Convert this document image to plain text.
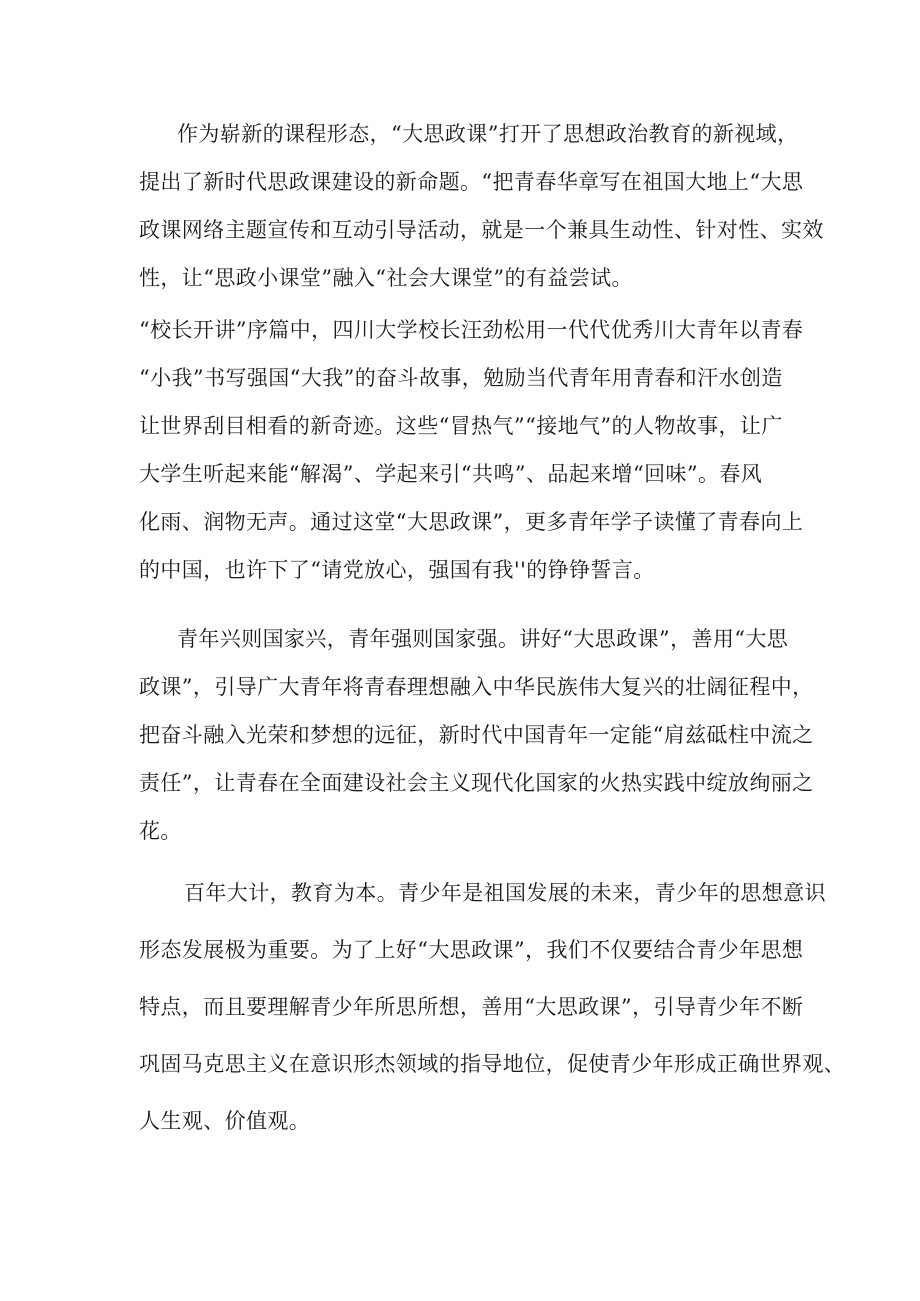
作为崭新的课程形态，“大思政课”打开了思想政治教育的新视域，
提出了新时代思政课建设的新命题。“把青春华章写在祖国大地上“大思
政课网络主题宣传和互动引导活动，就是一个兼具生动性、针对性、实效
性，让“思政小课堂”融入“社会大课堂”的有益尝试。
“校长开讲”序篇中，四川大学校长汪劲松用一代代优秀川大青年以青春
“小我”书写强国“大我”的奋斗故事，勉励当代青年用青春和汗水创造
让世界刮目相看的新奇迹。这些“冒热气”“接地气”的人物故事，让广
大学生听起来能“解渴”、学起来引“共鸣”、品起来增“回味”。春风
化雨、润物无声。通过这堂“大思政课”，更多青年学子读懂了青春向上
的中国，也许下了“请党放心，强国有我''的铮铮誓言。
青年兴则国家兴，青年强则国家强。讲好“大思政课”，善用“大思
政课”，引导广大青年将青春理想融入中华民族伟大复兴的壮阔征程中，
把奋斗融入光荣和梦想的远征，新时代中国青年一定能“肩兹砥柱中流之
责任”，让青春在全面建设社会主义现代化国家的火热实践中绽放绚丽之
花。
百年大计，教育为本。青少年是祖国发展的未来，青少年的思想意识
形态发展极为重要。为了上好“大思政课”，我们不仅要结合青少年思想
特点，而且要理解青少年所思所想，善用“大思政课”，引导青少年不断
巩固马克思主义在意识形杰领域的指导地位，促使青少年形成正确世界观、
人生观、价值观。
